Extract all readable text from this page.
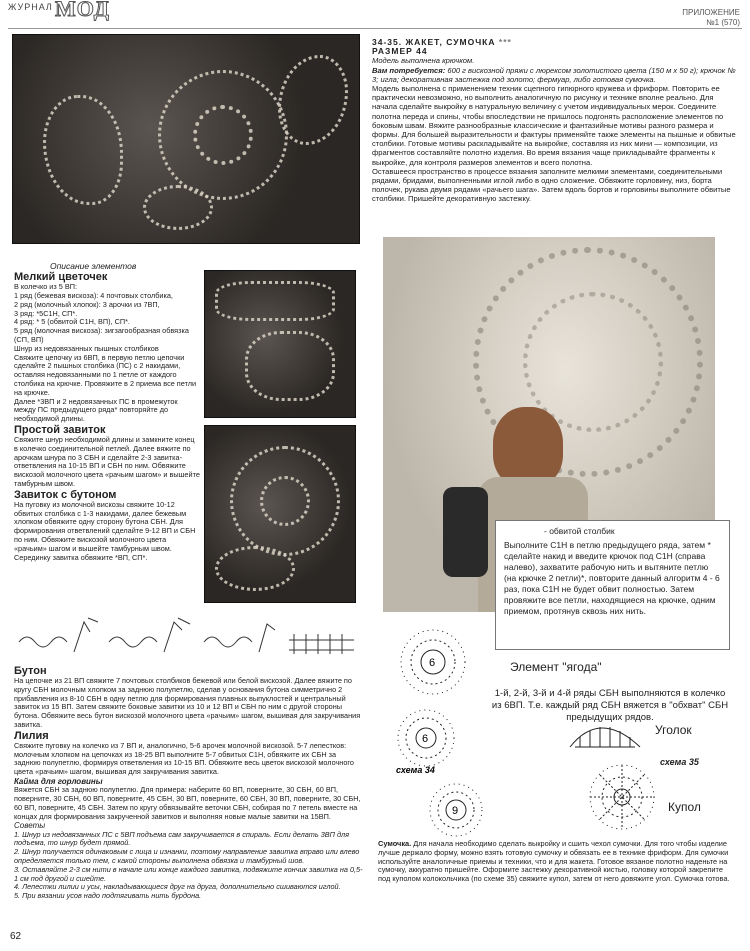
ЖУРНАЛ МОД	ПРИЛОЖЕНИЕ
№1 (570)
34-35. ЖАКЕТ, СУМОЧКА ***
РАЗМЕР 44

Модель выполнена крючком.

Вам потребуется: 600 г вискозной пряжи с люрексом золотистого цвета (150 м х 50 г); крючок № 3; игла; декоративная застежка под золото; фермуар, либо готовая сумочка.

Модель выполнена с применением техник сцепного гипюрного кружева и фриформ. Повторить ее практически невозможно, но выполнить аналогичную по рисунку и технике вполне реально. Для начала сделайте выкройку в натуральную величину с учетом индивидуальных мерок. Соедините полотна переда и спины, чтобы впоследствии не пришлось подгонять расположение элементов по боковым швам. Вяжите разнообразные классические и фантазийные мотивы разного размера и формы. Для большей выразительности и фактуры применяйте также элементы на пышные и обвитые столбики. Готовые мотивы раскладывайте на выкройке, составляя из них мини — композиции, из фрагментов составляйте полотно изделия. Во время вязания чаще прикладывайте фрагменты к выкройке, для контроля размеров элементов и всего полотна.

Оставшееся пространство в процессе вязания заполните мелкими элементами, соединительными рядами, бридами, выполненными иглой либо в одно сложение. Обвяжите горловину, низ, борта полочек, рукава двумя рядами «рачьего шага». Затем вдоль бортов и горловины выполните обвитые столбики. Пришейте декоративную застежку.

- обвитой столбик
Выполните С1Н в петлю предыдущего ряда, затем * сделайте накид и введите крючок под С1Н (справа налево), захватите рабочую нить и вытяните петлю (на крючке 2 петли)*, повторите данный алгоритм 4 - 6 раз, пока С1Н не будет обвит полностью. Затем провяжите все петли, находящиеся на крючке, одним приемом, протянув сквозь них нить.
Описание элементов
Мелкий цветочек

В колечко из 5 ВП:
1 ряд (бежевая вискоза): 4 почтовых столбика,
2 ряд (молочный хлопок): 3 арочки из 7ВП,
3 ряд: *5С1Н, СП*.
4 ряд: * 5 (обвитой С1Н, ВП), СП*.
5 ряд (молочная вискоза): зигзагообразная обвязка (СП, ВП)
Шнур из недовязанных пышных столбиков
Свяжите цепочку из 6ВП, в первую петлю цепочки сделайте 2 пышных столбика (ПС) с 2 накидами, оставляя недовязанными по 1 петле от каждого столбика на крючке. Провяжите в 2 приема все петли на крючке.
Далее *3ВП и 2 недовязанных ПС в промежуток между ПС предыдущего ряда* повторяйте до необходимой длины.

Простой завиток

Свяжите шнур необходимой длины и замкните конец в колечко соединительной петлей. Далее вяжите по арочкам шнура по 3 СБН и сделайте 2-3 завитка-ответвления на 10-15 ВП и СБН по ним. Обвяжите вискозой молочного цвета «рачьим шагом» и вышейте тамбурным швом.

Завиток с бутоном

На пуговку из молочной вискозы свяжите 10-12 обвитых столбика с 1-3 накидами, далее бежевым хлопком обвяжите одну сторону бутона СБН. Для формирования ответвлений сделайте 9-12 ВП и СБН по ним. Обвяжите вискозой молочного цвета «рачьим» шагом и вышейте тамбурным швом. Серединку завитка обвяжите *ВП, СП*.

Бутон

На цепочке из 21 ВП свяжите 7 почтовых столбиков бежевой или белой вискозой. Далее вяжите по кругу СБН молочным хлопком за заднюю полупетлю, сделав у основания бутона симметрично 2 прибавления из 8-10 СБН в одну петлю для формирования плавных выпуклостей и центральный завиток из 15 ВП. Затем свяжите боковые завитки из 10 и 12 ВП и СБН по ним с другой стороны бутона. Обвяжите весь бутон вискозой молочного цвета «рачьим» шагом, вышивая для закручивания завитка.

Лилия

Свяжите пуговку на колечко из 7 ВП и, аналогично, 5-6 арочек молочной вискозой. 5-7 лепестков: молочным хлопком на цепочках из 18-25 ВП выполните 5-7 обвитых С1Н, обвяжите их СБН за заднюю полупетлю, формируя ответвления из 10-15 ВП. Обвяжите весь цветок вискозой молочного цвета «рачьим» шагом, вышивая для закручивания завитка.

Кайма для горловины

Вяжется СБН за заднюю полупетлю. Для примера: наберите 60 ВП, поверните, 30 СБН, 60 ВП, поверните, 30 СБН, 60 ВП, поверните, 45 СБН, 30 ВП, поверните, 60 СБН, 30 ВП, поверните, 30 СБН, 60 ВП, поверните, 45 СБН. Затем по кругу обвязывайте веточки СБН, собирая по 7 петель вместе на концах для формирования закрученной завитков и выполняя новые малые завитки на 15ВП.

Советы

1. Шнур из недовязанных ПС с 5ВП подъема сам закручивается в спираль. Если делать 3ВП для подъема, то шнур будет прямой.
2. Шнур получается одинаковым с лица и изнанки, поэтому направление завитка вправо или влево определяется только тем, с какой стороны выполнена обвязка и тамбурный шов.
3. Оставляйте 2-3 см нити в начале или конце каждого завитка, подвяжите кончик завитка на 0,5-1 см под другой и сшейте.
4. Лепестки лилии и усы, накладывающиеся друг на друга, дополнительно сшиваются иглой.
5. При вязании усов надо подтягивать нить бурдона.

Элемент "ягода"
1-й, 2-й, 3-й и 4-й ряды СБН выполняются в колечко из 6ВП. Т.е. каждый ряд СБН вяжется в "обхват" СБН предыдущих рядов.
6
6
9
схема 34
Уголок
схема 35
Купол

Сумочка. Для начала необходимо сделать выкройку и сшить чехол сумочки. Для того чтобы изделие лучше держало форму, можно взять готовую сумочку и обвязать ее в технике фриформ. Для сумочки используйте аналогичные приемы и техники, что и для жакета. Готовое вязаное полотно наденьте на сумочку, аккуратно пришейте. Оформите застежку декоративной кистью, головку которой закрепите под куполом колокольчика (по схеме 35) свяжите купол, затем от него довяжите угол. Сумочка готова.

62
